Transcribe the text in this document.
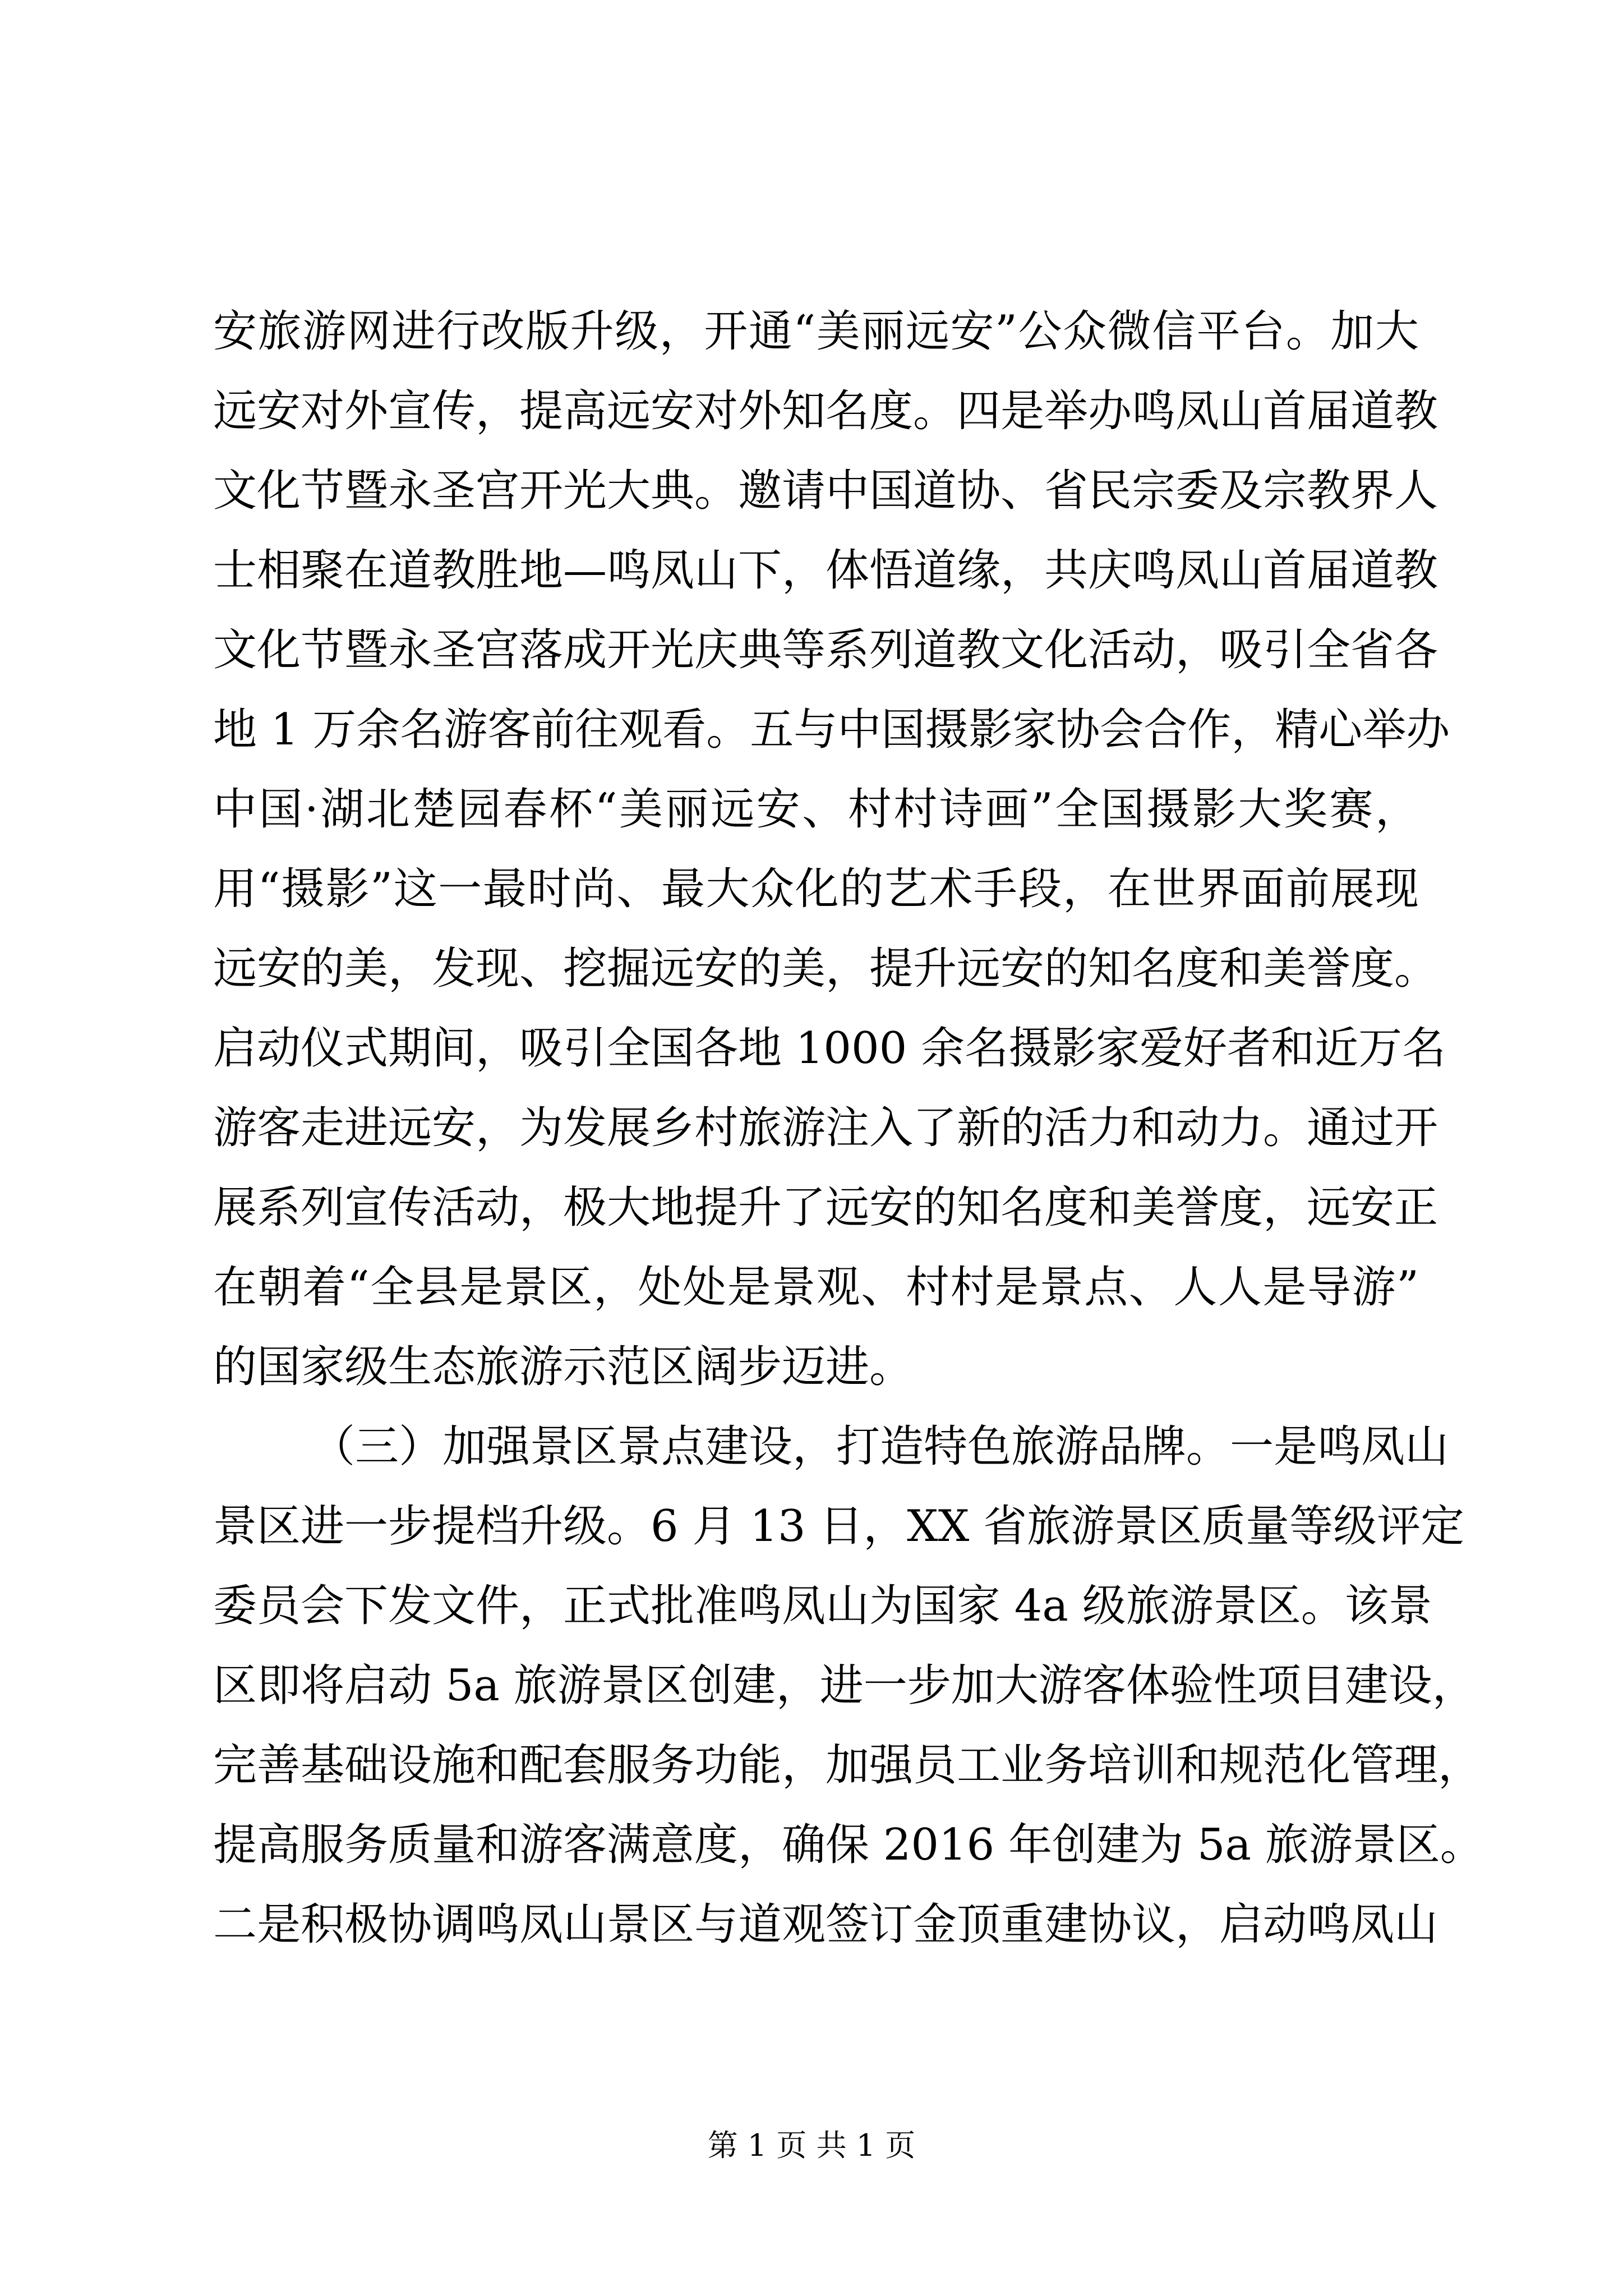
安旅游网进行改版升级，开通“美丽远安”公众微信平台。加大

远安对外宣传，提高远安对外知名度。四是举办鸣凤山首届道教

文化节暨永圣宫开光大典。邀请中国道协、省民宗委及宗教界人

士相聚在道教胜地—鸣凤山下，体悟道缘，共庆鸣凤山首届道教

文化节暨永圣宫落成开光庆典等系列道教文化活动，吸引全省各

地 1 万余名游客前往观看。五与中国摄影家协会合作，精心举办

中国·湖北楚园春杯“美丽远安、村村诗画”全国摄影大奖赛，

用“摄影”这一最时尚、最大众化的艺术手段，在世界面前展现

远安的美，发现、挖掘远安的美，提升远安的知名度和美誉度。

启动仪式期间，吸引全国各地 1000 余名摄影家爱好者和近万名

游客走进远安，为发展乡村旅游注入了新的活力和动力。通过开

展系列宣传活动，极大地提升了远安的知名度和美誉度，远安正

在朝着“全县是景区，处处是景观、村村是景点、人人是导游”

的国家级生态旅游示范区阔步迈进。

（三）加强景区景点建设，打造特色旅游品牌。一是鸣凤山

景区进一步提档升级。6 月 13 日，XX 省旅游景区质量等级评定

委员会下发文件，正式批准鸣凤山为国家 4a 级旅游景区。该景

区即将启动 5a 旅游景区创建，进一步加大游客体验性项目建设，

完善基础设施和配套服务功能，加强员工业务培训和规范化管理，

提高服务质量和游客满意度，确保 2016 年创建为 5a 旅游景区。

二是积极协调鸣凤山景区与道观签订金顶重建协议，启动鸣凤山

第 1 页 共 1 页
